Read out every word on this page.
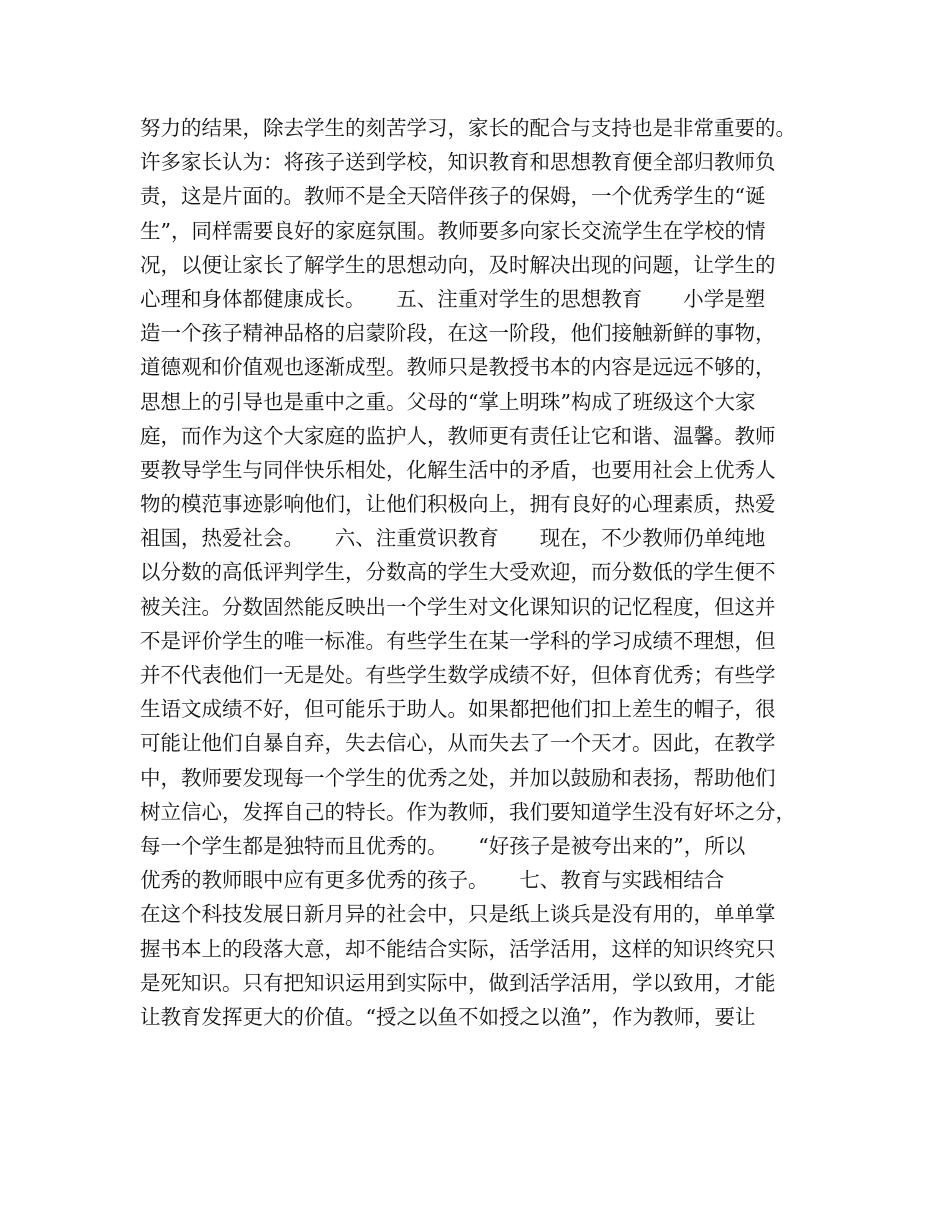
努力的结果，除去学生的刻苦学习，家长的配合与支持也是非常重要的。
许多家长认为：将孩子送到学校，知识教育和思想教育便全部归教师负
责，这是片面的。教师不是全天陪伴孩子的保姆，一个优秀学生的“诞
生”，同样需要良好的家庭氛围。教师要多向家长交流学生在学校的情
况，以便让家长了解学生的思想动向，及时解决出现的问题，让学生的
心理和身体都健康成长。　　五、注重对学生的思想教育　　小学是塑
造一个孩子精神品格的启蒙阶段，在这一阶段，他们接触新鲜的事物，
道德观和价值观也逐渐成型。教师只是教授书本的内容是远远不够的，
思想上的引导也是重中之重。父母的“掌上明珠”构成了班级这个大家
庭，而作为这个大家庭的监护人，教师更有责任让它和谐、温馨。教师
要教导学生与同伴快乐相处，化解生活中的矛盾，也要用社会上优秀人
物的模范事迹影响他们，让他们积极向上，拥有良好的心理素质，热爱
祖国，热爱社会。　　六、注重赏识教育　　现在，不少教师仍单纯地
以分数的高低评判学生，分数高的学生大受欢迎，而分数低的学生便不
被关注。分数固然能反映出一个学生对文化课知识的记忆程度，但这并
不是评价学生的唯一标准。有些学生在某一学科的学习成绩不理想，但
并不代表他们一无是处。有些学生数学成绩不好，但体育优秀；有些学
生语文成绩不好，但可能乐于助人。如果都把他们扣上差生的帽子，很
可能让他们自暴自弃，失去信心，从而失去了一个天才。因此，在教学
中，教师要发现每一个学生的优秀之处，并加以鼓励和表扬，帮助他们
树立信心，发挥自己的特长。作为教师，我们要知道学生没有好坏之分，
每一个学生都是独特而且优秀的。　　“好孩子是被夸出来的”，所以
优秀的教师眼中应有更多优秀的孩子。　　七、教育与实践相结合　　
在这个科技发展日新月异的社会中，只是纸上谈兵是没有用的，单单掌
握书本上的段落大意，却不能结合实际，活学活用，这样的知识终究只
是死知识。只有把知识运用到实际中，做到活学活用，学以致用，才能
让教育发挥更大的价值。“授之以鱼不如授之以渔”，作为教师，要让
